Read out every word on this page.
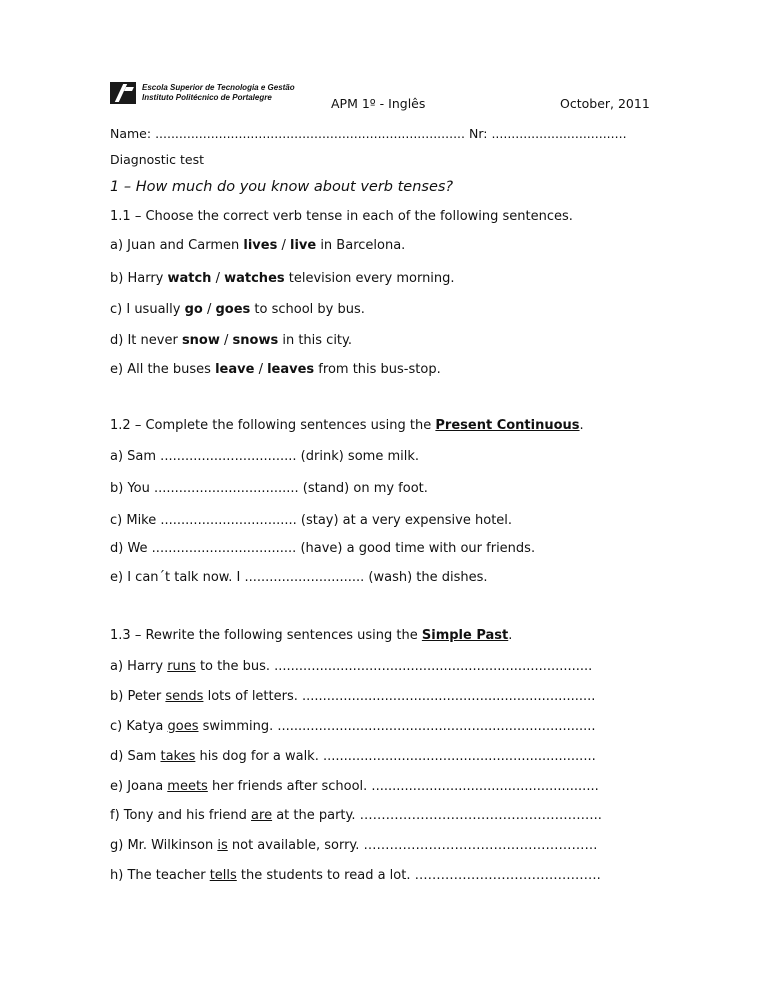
Escola Superior de Tecnologia e Gestão
Instituto Politécnico de Portalegre	APM 1º - Inglês	October, 2011
Name: .............................................................................. Nr: ..................................
Diagnostic test
1 – How much do you know about verb tenses?
1.1 – Choose the correct verb tense in each of the following sentences.
a) Juan and Carmen lives / live in Barcelona.
b) Harry watch / watches television every morning.
c) I usually go / goes to school by bus.
d) It never snow / snows in this city.
e) All the buses leave / leaves from this bus-stop.
1.2 – Complete the following sentences using the Present Continuous.
a) Sam ................................. (drink) some milk.
b) You ................................... (stand) on my foot.
c) Mike ................................. (stay) at a very expensive hotel.
d) We ................................... (have) a good time with our friends.
e) I can´t talk now. I ............................. (wash) the dishes.
1.3 – Rewrite the following sentences using the Simple Past.
a) Harry runs to the bus. .............................................................................
b) Peter sends lots of letters. .......................................................................
c) Katya goes swimming. .............................................................................
d) Sam takes his dog for a walk. ..................................................................
e) Joana meets her friends after school. .......................................................
f) Tony and his friend are at the party. ………………………………………………..
g) Mr. Wilkinson is not available, sorry. ………………………………………………
h) The teacher tells the students to read a lot. …………………………………….
